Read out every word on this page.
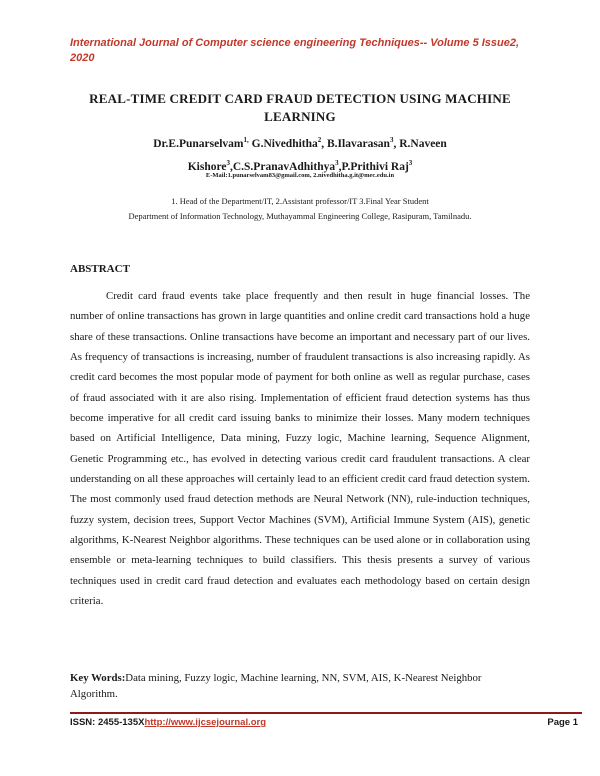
International Journal of Computer science engineering Techniques-- Volume 5 Issue2, 2020
REAL-TIME CREDIT CARD FRAUD DETECTION USING MACHINE LEARNING
Dr.E.Punarselvam$^{1,}$ G.Nivedhitha$^2$, B.Ilavarasan$^3$, R.Naveen Kishore$^3$,C.S.PranavAdhithya$^3$,P.Prithivi Raj$^3$
E-Mail:1.punarselvam83@gmail.com, 2.nivedhitha.g.it@mec.edu.in
1. Head of the Department/IT, 2.Assistant professor/IT 3.Final Year Student
Department of Information Technology, Muthayammal Engineering College, Rasipuram, Tamilnadu.
ABSTRACT
Credit card fraud events take place frequently and then result in huge financial losses. The number of online transactions has grown in large quantities and online credit card transactions hold a huge share of these transactions. Online transactions have become an important and necessary part of our lives. As frequency of transactions is increasing, number of fraudulent transactions is also increasing rapidly. As credit card becomes the most popular mode of payment for both online as well as regular purchase, cases of fraud associated with it are also rising. Implementation of efficient fraud detection systems has thus become imperative for all credit card issuing banks to minimize their losses. Many modern techniques based on Artificial Intelligence, Data mining, Fuzzy logic, Machine learning, Sequence Alignment, Genetic Programming etc., has evolved in detecting various credit card fraudulent transactions. A clear understanding on all these approaches will certainly lead to an efficient credit card fraud detection system. The most commonly used fraud detection methods are Neural Network (NN), rule-induction techniques, fuzzy system, decision trees, Support Vector Machines (SVM), Artificial Immune System (AIS), genetic algorithms, K-Nearest Neighbor algorithms. These techniques can be used alone or in collaboration using ensemble or meta-learning techniques to build classifiers. This thesis presents a survey of various techniques used in credit card fraud detection and evaluates each methodology based on certain design criteria.
Key Words:Data mining, Fuzzy logic, Machine learning, NN, SVM, AIS, K-Nearest Neighbor Algorithm.
ISSN: 2455-135Xhttp://www.ijcsejournal.org	Page 1
